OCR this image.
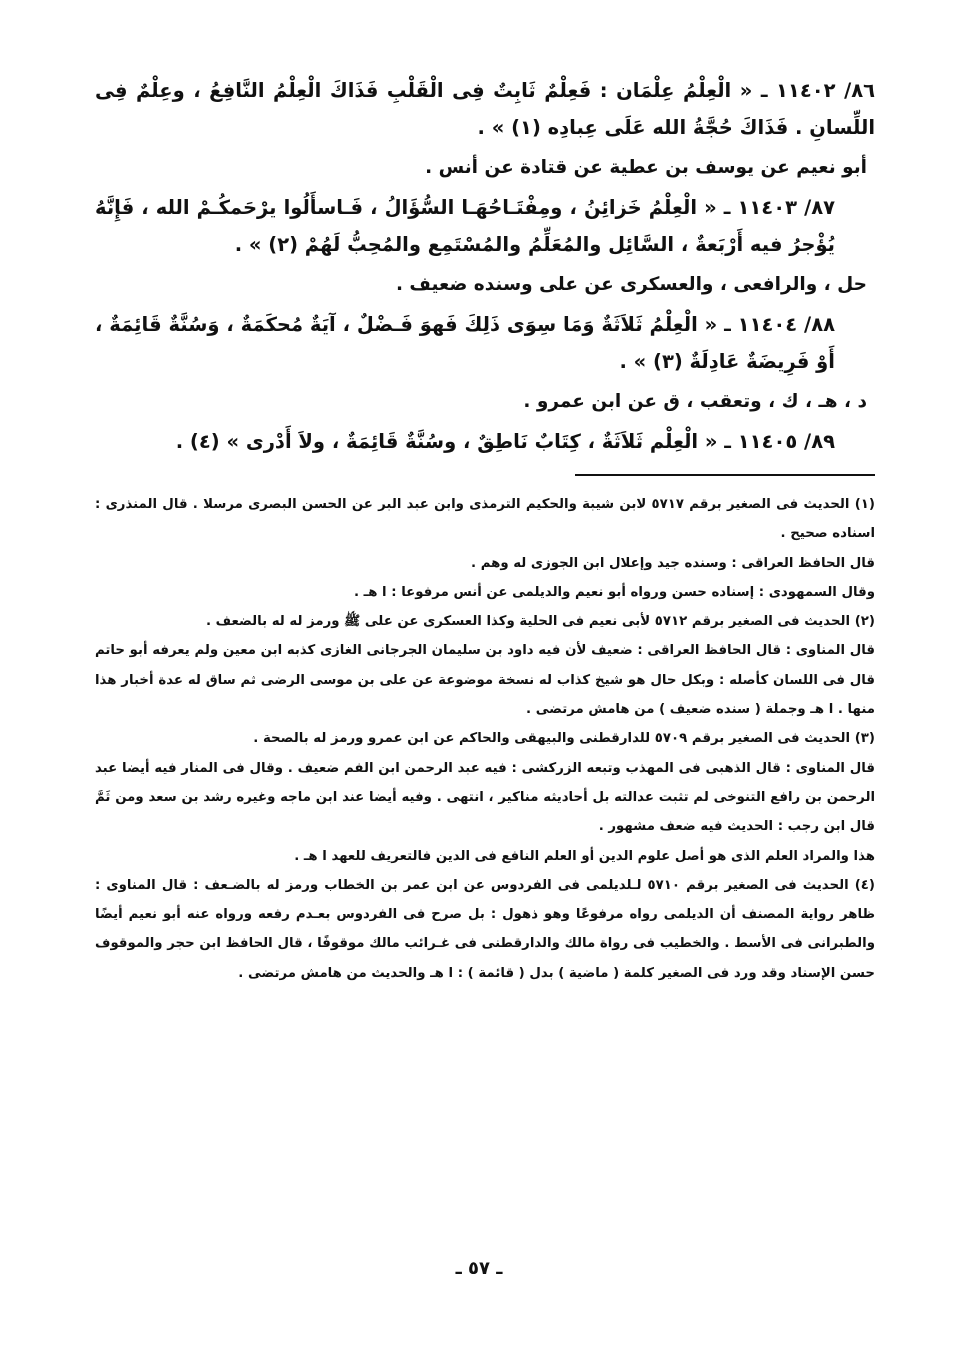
٨٦/ ١١٤٠٢ ـ « الْعِلْمُ عِلْمَان : فَعِلْمٌ ثَابِتٌ فِى الْقَلْبِ فَذَاكَ الْعِلْمُ النَّافِعُ ، وعِلْمٌ فِى اللِّسانِ . فَذَاكَ حُجَّةُ الله عَلَى عِبادِه (١) » .

أبو نعيم عن يوسف بن عطية عن قتادة عن أنس .

٨٧/ ١١٤٠٣ ـ « الْعِلْمُ خَزائِنُ ، ومِفْتَـاحُهَـا السُّؤَالُ ، فَـاسأَلُوا يرْحَمكُـمْ الله ، فَإِنَّهُ يُؤْجرُ فيه أَرْبَعةٌ ، السَّائِل والمُعَلِّمُ والمُسْتَمِع والمُحِبُّ لَهُمْ (٢) » .

حل ، والرافعى ، والعسكرى عن على وسنده ضعيف .

٨٨/ ١١٤٠٤ ـ « الْعِلْمُ ثَلاَثَةٌ وَمَا سِوَى ذَلِكَ فَهوَ فَـضْلٌ ، آيَةٌ مُحكَمَةٌ ، وَسُنَّةٌ قَائِمَةٌ ، أَوْ فَرِيضَةٌ عَادِلَةٌ (٣) » .

د ، هـ ، ك ، وتعقب ، ق عن ابن عمرو .

٨٩/ ١١٤٠٥ ـ « الْعِلْم ثَلاَثَةٌ ، كِتَابٌ نَاطِقٌ ، وسُنَّةٌ قَائِمَةٌ ، ولاَ أَدْرى » (٤) .

(١) الحديث فى الصغير برقم ٥٧١٧ لابن شيبة والحكيم الترمذى وابن عبد البر عن الحسن البصرى مرسلا . قال المنذرى : اسناده صحيح .

قال الحافظ العراقى : وسنده جيد وإعلال ابن الجوزى له وهم .

وقال السمهودى : إسناده حسن ورواه أبو نعيم والديلمى عن أنس مرفوعا : ا هـ .

(٢) الحديث فى الصغير برقم ٥٧١٢ لأبى نعيم فى الحلية وكذا العسكرى عن على ﷺ ورمز له له بالضعف .

قال المناوى : قال الحافظ العراقى : ضعيف لأن فيه داود بن سليمان الجرجانى الغازى كذبه ابن معين ولم يعرفه أبو حاتم قال فى اللسان كأصله : وبكل حال هو شيخ كذاب له نسخة موضوعة عن على بن موسى الرضى ثم ساق له عدة أخبار هذا منها . ا هـ وجملة ( سنده ضعيف ) من هامش مرتضى .

(٣) الحديث فى الصغير برقم ٥٧٠٩ للدارقطنى والبيهقى والحاكم عن ابن عمرو ورمز له بالصحة .

قال المناوى : قال الذهبى فى المهذب وتبعه الزركشى : فيه عبد الرحمن ابن الفم ضعيف . وقال فى المنار فيه أيضا عبد الرحمن بن رافع التنوخى لم تثبت عدالته بل أحاديثه مناكير ، انتهى . وفيه أيضا عند ابن ماجه وغيره رشد بن سعد ومن ثَمَّ قال ابن رجب : الحديث فيه ضعف مشهور .

هذا والمراد العلم الذى هو أصل علوم الدين أو العلم النافع فى الدين فالتعريف للعهد ا هـ .

(٤) الحديث فى الصغير برقم ٥٧١٠ لـلديلمى فى الفردوس عن ابن عمر بن الخطاب ورمز له بالضـعف : قال المناوى : ظاهر رواية المصنف أن الديلمى رواه مرفوعًا وهو ذهول : بل صرح فى الفردوس بعـدم رفعه ورواه عنه أبو نعيم أيضًا والطبرانى فى الأسط . والخطيب فى رواة مالك والدارقطنى فى غـرائب مالك موقوفًا ، قال الحافظ ابن حجر والموقوف حسن الإسناد وقد ورد فى الصغير كلمة ( ماضية ) بدل ( قائمة ) : ا هـ والحديث من هامش مرتضى .

ـ ٥٧ ـ
